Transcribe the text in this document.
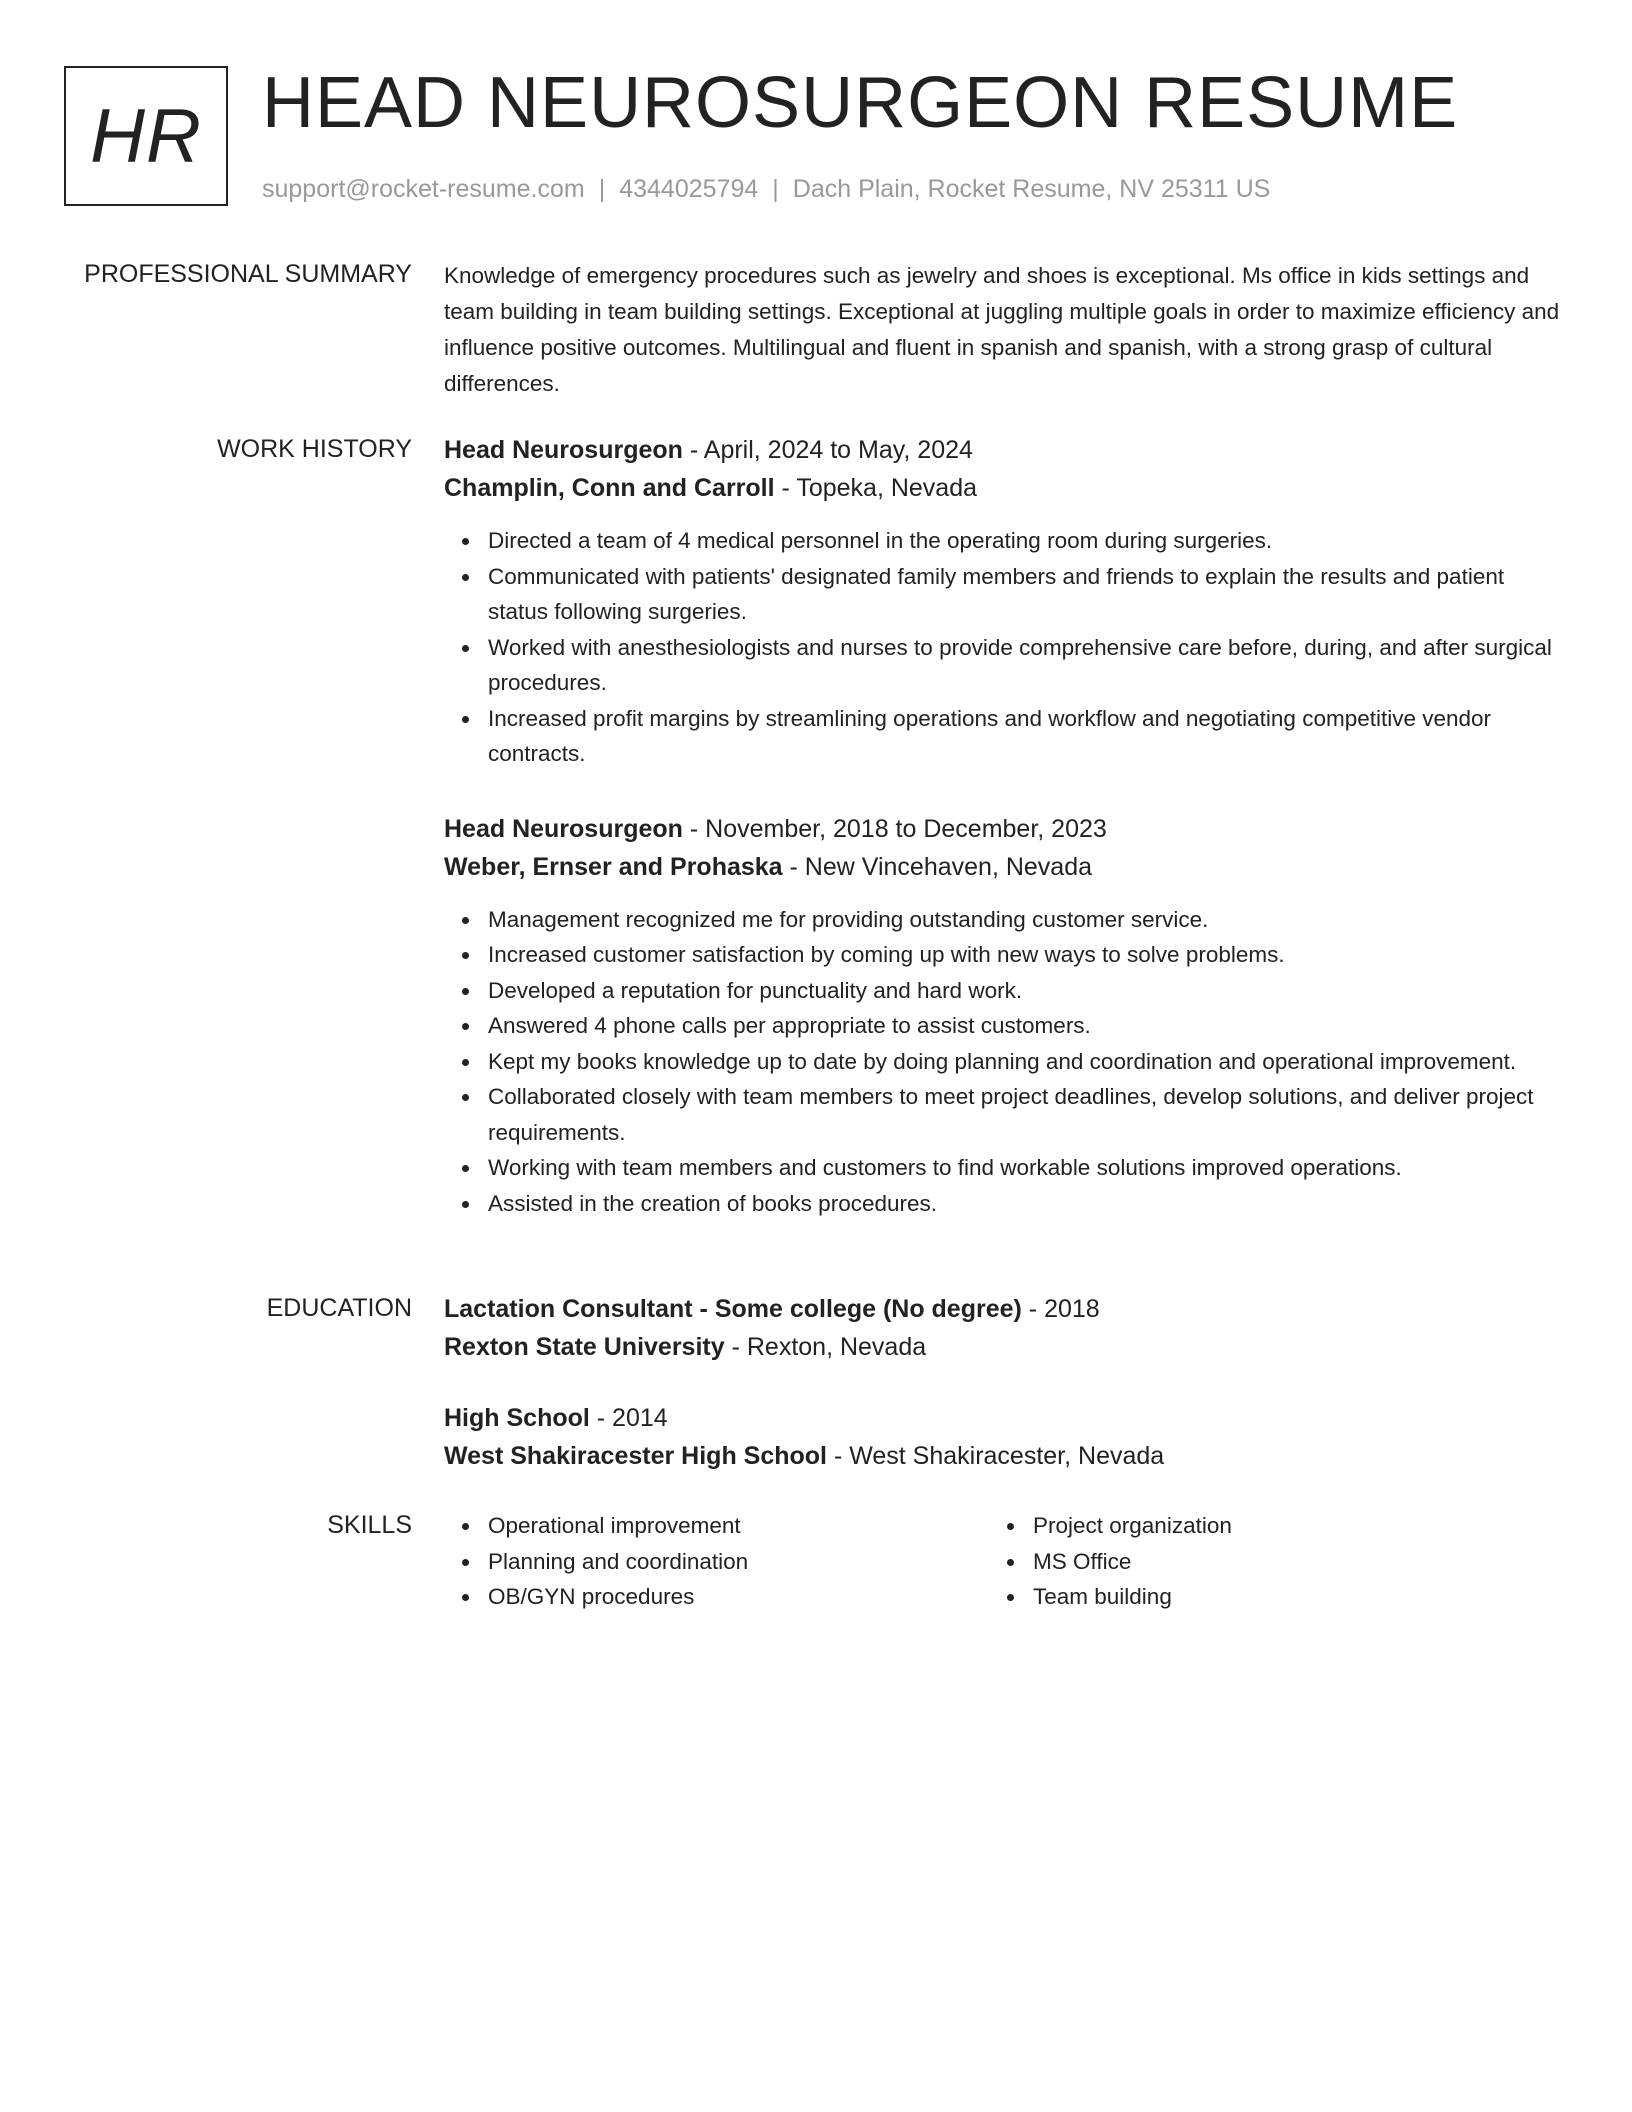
HR HEAD NEUROSURGEON RESUME
support@rocket-resume.com | 4344025794 | Dach Plain, Rocket Resume, NV 25311 US
PROFESSIONAL SUMMARY Knowledge of emergency procedures such as jewelry and shoes is exceptional. Ms office in kids settings and team building in team building settings. Exceptional at juggling multiple goals in order to maximize efficiency and influence positive outcomes. Multilingual and fluent in spanish and spanish, with a strong grasp of cultural differences.

WORK HISTORY Head Neurosurgeon - April, 2024 to May, 2024
Champlin, Conn and Carroll - Topeka, Nevada
Directed a team of 4 medical personnel in the operating room during surgeries.
Communicated with patients' designated family members and friends to explain the results and patient status following surgeries.
Worked with anesthesiologists and nurses to provide comprehensive care before, during, and after surgical procedures.
Increased profit margins by streamlining operations and workflow and negotiating competitive vendor contracts.
Head Neurosurgeon - November, 2018 to December, 2023
Weber, Ernser and Prohaska - New Vincehaven, Nevada
Management recognized me for providing outstanding customer service.
Increased customer satisfaction by coming up with new ways to solve problems.
Developed a reputation for punctuality and hard work.
Answered 4 phone calls per appropriate to assist customers.
Kept my books knowledge up to date by doing planning and coordination and operational improvement.
Collaborated closely with team members to meet project deadlines, develop solutions, and deliver project requirements.
Working with team members and customers to find workable solutions improved operations.
Assisted in the creation of books procedures.
EDUCATION Lactation Consultant - Some college (No degree) - 2018
Rexton State University - Rexton, Nevada
High School - 2014
West Shakiracester High School - West Shakiracester, Nevada
SKILLS	Operational improvement
Planning and coordination
OB/GYN procedures
Project organization
MS Office
Team building
